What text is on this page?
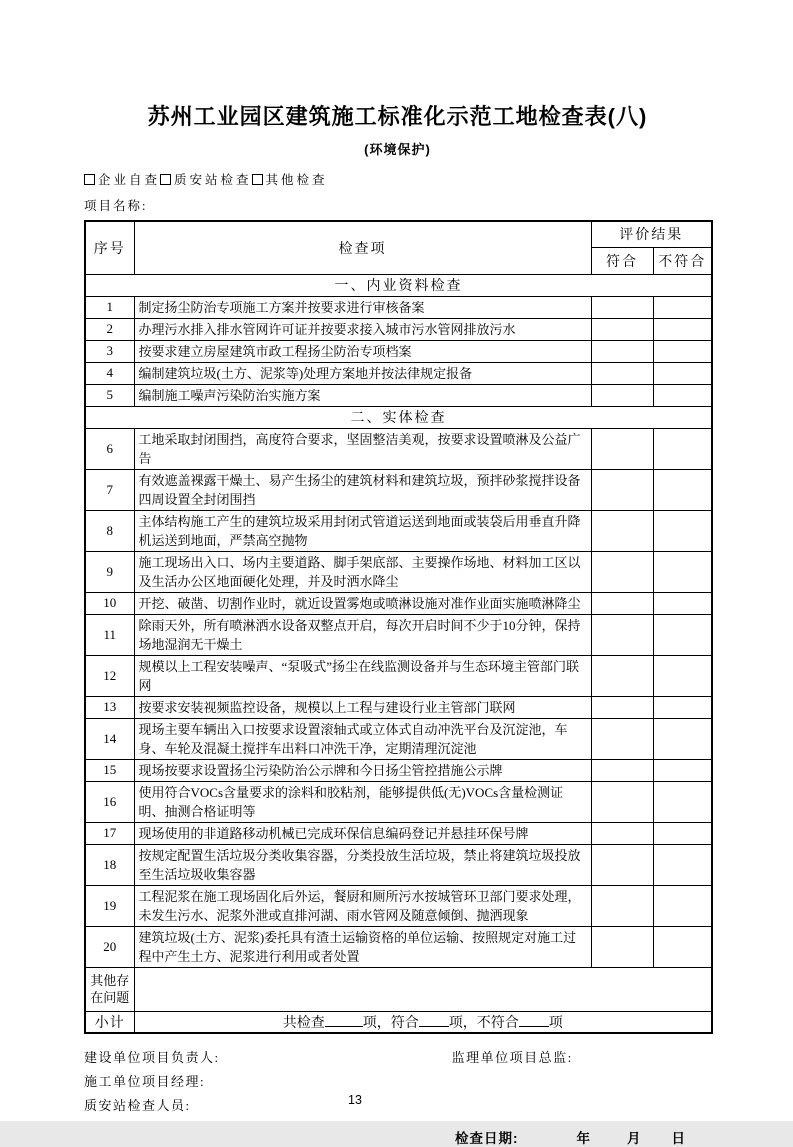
苏州工业园区建筑施工标准化示范工地检查表(八)
(环境保护)
企业自查 质安站检查 其他检查
项目名称:
序号	检查项	评价结果	
		符合	不符合
一、内业资料检查			
1	制定扬尘防治专项施工方案并按要求进行审核备案		
2	办理污水排入排水管网许可证并按要求接入城市污水管网排放污水		
3	按要求建立房屋建筑市政工程扬尘防治专项档案		
4	编制建筑垃圾(土方、泥浆等)处理方案地并按法律规定报备		
5	编制施工噪声污染防治实施方案		
二、实体检查			
6	工地采取封闭围挡，高度符合要求，坚固整洁美观，按要求设置喷淋及公益广告		
7	有效遮盖裸露干燥土、易产生扬尘的建筑材料和建筑垃圾，预拌砂浆搅拌设备四周设置全封闭围挡		
8	主体结构施工产生的建筑垃圾采用封闭式管道运送到地面或装袋后用垂直升降机运送到地面，严禁高空抛物		
9	施工现场出入口、场内主要道路、脚手架底部、主要操作场地、材料加工区以及生活办公区地面硬化处理，并及时洒水降尘		
10	开挖、破凿、切割作业时，就近设置雾炮或喷淋设施对准作业面实施喷淋降尘		
11	除雨天外，所有喷淋洒水设备双整点开启，每次开启时间不少于10分钟，保持场地湿润无干燥土		
12	规模以上工程安装噪声、“泵吸式”扬尘在线监测设备并与生态环境主管部门联网		
13	按要求安装视频监控设备，规模以上工程与建设行业主管部门联网		
14	现场主要车辆出入口按要求设置滚轴式或立体式自动冲洗平台及沉淀池，车身、车轮及混凝土搅拌车出料口冲洗干净，定期清理沉淀池		
15	现场按要求设置扬尘污染防治公示牌和今日扬尘管控措施公示牌		
16	使用符合VOCs含量要求的涂料和胶粘剂，能够提供低(无)VOCs含量检测证明、抽测合格证明等		
17	现场使用的非道路移动机械已完成环保信息编码登记并悬挂环保号牌		
18	按规定配置生活垃圾分类收集容器，分类投放生活垃圾，禁止将建筑垃圾投放至生活垃圾收集容器		
19	工程泥浆在施工现场固化后外运，餐厨和厕所污水按城管环卫部门要求处理，未发生污水、泥浆外泄或直排河湖、雨水管网及随意倾倒、抛洒现象		
20	建筑垃圾(土方、泥浆)委托具有渣土运输资格的单位运输、按照规定对施工过程中产生土方、泥浆进行利用或者处置		
其他存在问题			
小计	共检查 项，符合 项，不符合 项		
建设单位项目负责人:	监理单位项目总监:
施工单位项目经理:
质安站检查人员:
检查日期:	年	月 日
13
